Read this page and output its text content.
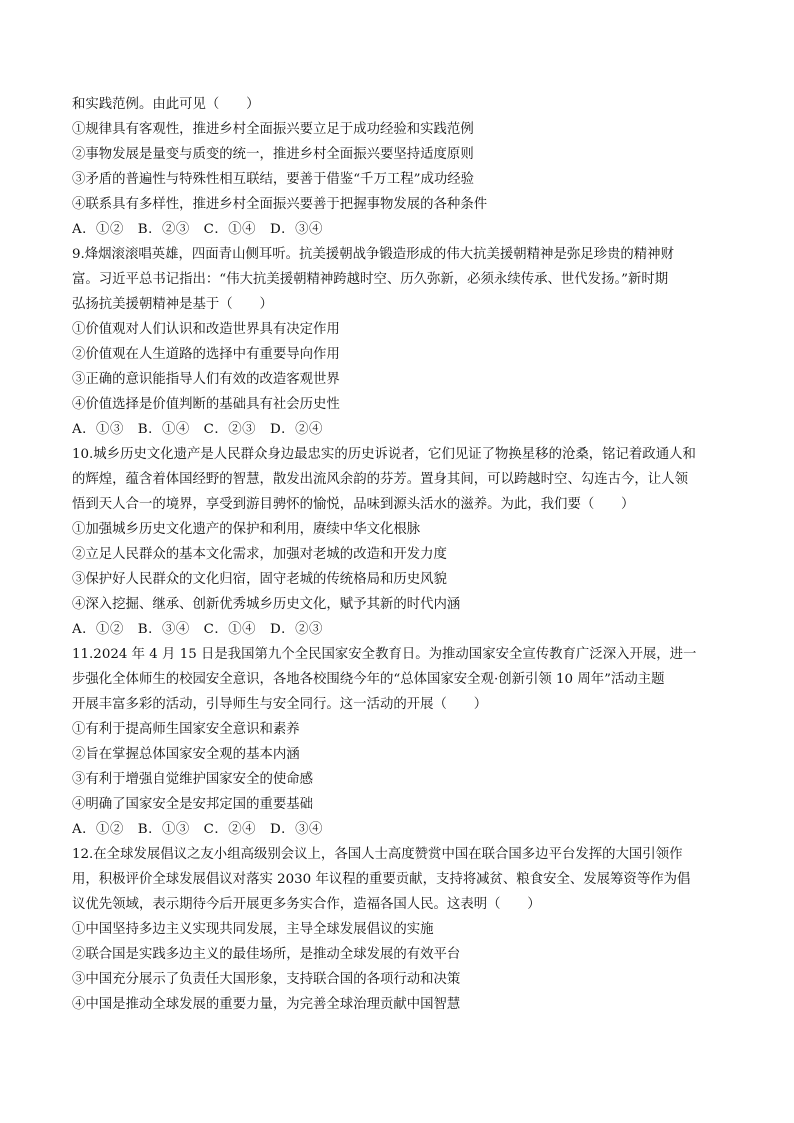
和实践范例。由此可见（　　）
①规律具有客观性，推进乡村全面振兴要立足于成功经验和实践范例
②事物发展是量变与质变的统一，推进乡村全面振兴要坚持适度原则
③矛盾的普遍性与特殊性相互联结，要善于借鉴“千万工程”成功经验
④联系具有多样性，推进乡村全面振兴要善于把握事物发展的各种条件
A．①②　B．②③　C．①④　D．③④
9.烽烟滚滚唱英雄，四面青山侧耳听。抗美援朝战争锻造形成的伟大抗美援朝精神是弥足珍贵的精神财
富。习近平总书记指出：“伟大抗美援朝精神跨越时空、历久弥新，必须永续传承、世代发扬。”新时期
弘扬抗美援朝精神是基于（　　）
①价值观对人们认识和改造世界具有决定作用
②价值观在人生道路的选择中有重要导向作用
③正确的意识能指导人们有效的改造客观世界
④价值选择是价值判断的基础具有社会历史性
A．①③　B．①④　C．②③　D．②④
10.城乡历史文化遗产是人民群众身边最忠实的历史诉说者，它们见证了物换星移的沧桑，铭记着政通人和
的辉煌，蕴含着体国经野的智慧，散发出流风余韵的芬芳。置身其间，可以跨越时空、勾连古今，让人领
悟到天人合一的境界，享受到游目骋怀的愉悦，品味到源头活水的滋养。为此，我们要（　　）
①加强城乡历史文化遗产的保护和利用，赓续中华文化根脉
②立足人民群众的基本文化需求，加强对老城的改造和开发力度
③保护好人民群众的文化归宿，固守老城的传统格局和历史风貌
④深入挖掘、继承、创新优秀城乡历史文化，赋予其新的时代内涵
A．①②　B．③④　C．①④　D．②③
11.2024 年 4 月 15 日是我国第九个全民国家安全教育日。为推动国家安全宣传教育广泛深入开展，进一
步强化全体师生的校园安全意识，各地各校围绕今年的“总体国家安全观·创新引领 10 周年”活动主题
开展丰富多彩的活动，引导师生与安全同行。这一活动的开展（　　）
①有利于提高师生国家安全意识和素养
②旨在掌握总体国家安全观的基本内涵
③有利于增强自觉维护国家安全的使命感
④明确了国家安全是安邦定国的重要基础
A．①②　B．①③　C．②④　D．③④
12.在全球发展倡议之友小组高级别会议上，各国人士高度赞赏中国在联合国多边平台发挥的大国引领作
用，积极评价全球发展倡议对落实 2030 年议程的重要贡献，支持将减贫、粮食安全、发展筹资等作为倡
议优先领域，表示期待今后开展更多务实合作，造福各国人民。这表明（　　）
①中国坚持多边主义实现共同发展，主导全球发展倡议的实施
②联合国是实践多边主义的最佳场所，是推动全球发展的有效平台
③中国充分展示了负责任大国形象，支持联合国的各项行动和决策
④中国是推动全球发展的重要力量，为完善全球治理贡献中国智慧
